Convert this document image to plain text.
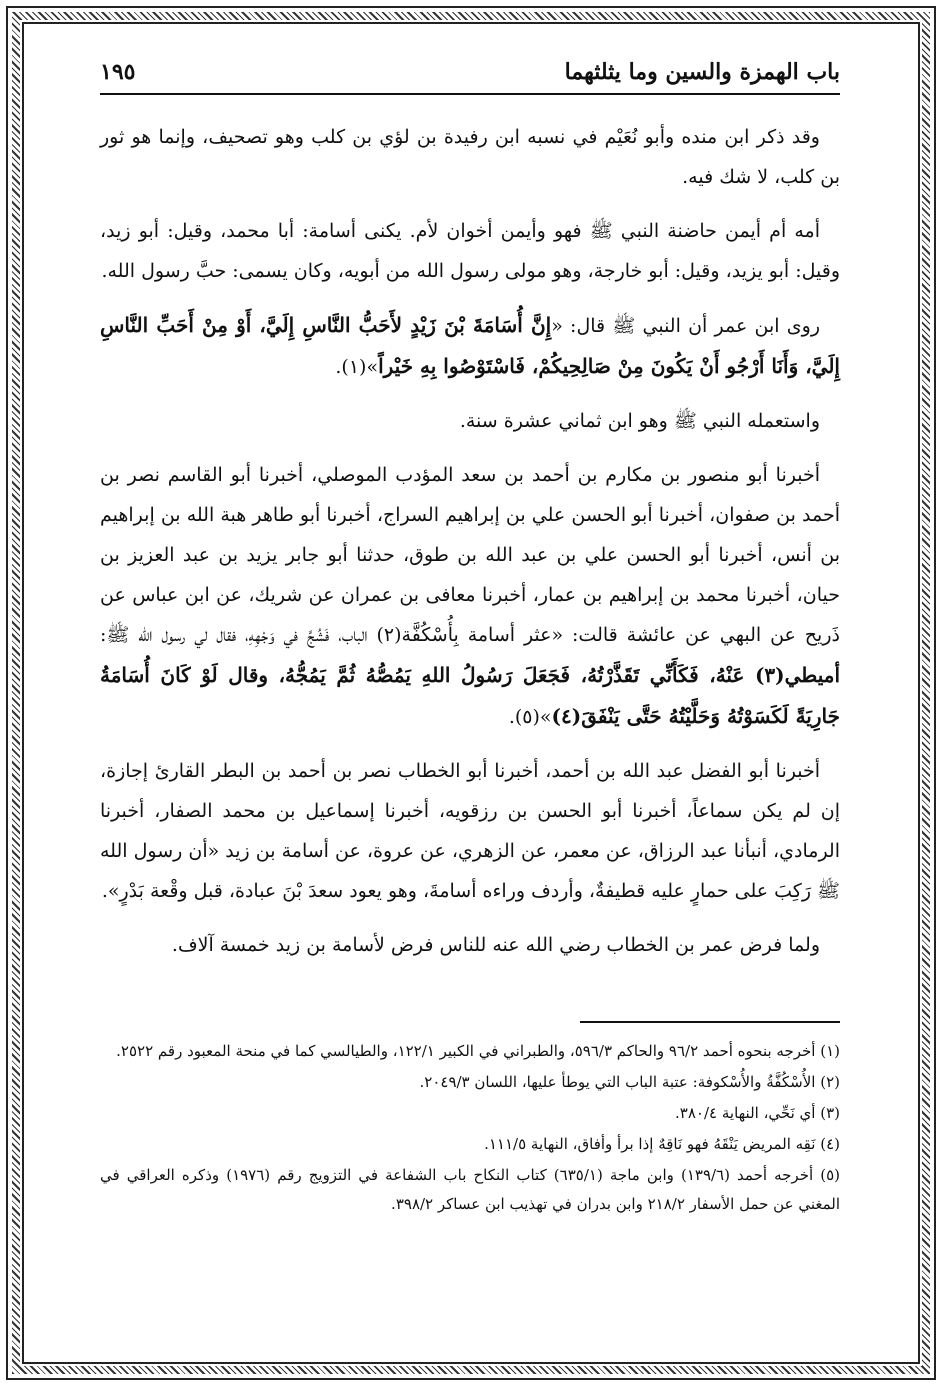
باب الهمزة والسين وما يثلثهما
١٩٥

وقد ذكر ابن منده وأبو نُعَيْم في نسبه ابن رفيدة بن لؤي بن كلب وهو تصحيف، وإنما هو ثور بن كلب، لا شك فيه.

أمه أم أيمن حاضنة النبي ﷺ فهو وأيمن أخوان لأم. يكنى أسامة: أبا محمد، وقيل: أبو زيد، وقيل: أبو يزيد، وقيل: أبو خارجة، وهو مولى رسول الله من أبويه، وكان يسمى: حبَّ رسول الله.

روى ابن عمر أن النبي ﷺ قال: «إِنَّ أُسَامَةَ بْنَ زَيْدٍ لأَحَبُّ النَّاسِ إِلَيَّ، أَوْ مِنْ أَحَبِّ النَّاسِ إِلَيَّ، وَأَنَا أَرْجُو أَنْ يَكُونَ مِنْ صَالِحِيكُمْ، فَاسْتَوْصُوا بِهِ خَيْراً»(١).

واستعمله النبي ﷺ وهو ابن ثماني عشرة سنة.

أخبرنا أبو منصور بن مكارم بن أحمد بن سعد المؤدب الموصلي، أخبرنا أبو القاسم نصر بن أحمد بن صفوان، أخبرنا أبو الحسن علي بن إبراهيم السراج، أخبرنا أبو طاهر هبة الله بن إبراهيم بن أنس، أخبرنا أبو الحسن علي بن عبد الله بن طوق، حدثنا أبو جابر يزيد بن عبد العزيز بن حيان، أخبرنا محمد بن إبراهيم بن عمار، أخبرنا معافى بن عمران عن شريك، عن ابن عباس عن ذَريح عن البهي عن عائشة قالت: «عثر أسامة بِأُسْكُفَّة(٢) الباب، فَشُجَّ في وَجْهِهِ، فقال لي رسول الله ﷺ: أميطي(٣) عَنْهُ، فَكَأَنِّي تَقَذَّرْتُهُ، فَجَعَلَ رَسُولُ اللهِ يَمُصُّهُ ثُمَّ يَمُجُّهُ، وقال لَوْ كَانَ أُسَامَةُ جَارِيَةً لَكَسَوْتُهُ وَحَلَّيْتُهُ حَتَّى يَنْفَقَ(٤)»(٥).

أخبرنا أبو الفضل عبد الله بن أحمد، أخبرنا أبو الخطاب نصر بن أحمد بن البطر القارئ إجازة، إن لم يكن سماعاً، أخبرنا أبو الحسن بن رزقويه، أخبرنا إسماعيل بن محمد الصفار، أخبرنا الرمادي، أنبأنا عبد الرزاق، عن معمر، عن الزهري، عن عروة، عن أسامة بن زيد «أن رسول الله ﷺ رَكِبَ على حمارٍ عليه قطيفةٌ، وأردف وراءه أسامةَ، وهو يعود سعدَ بْنَ عبادة، قبل وقْعة بَدْرٍ».

ولما فرض عمر بن الخطاب رضي الله عنه للناس فرض لأسامة بن زيد خمسة آلاف.

(١) أخرجه بنحوه أحمد ٩٦/٢ والحاكم ٥٩٦/٣، والطبراني في الكبير ١٢٢/١، والطيالسي كما في منحة المعبود رقم ٢٥٢٢.

(٢) الأُسْكُفَّةُ والأُسْكوفة: عتبة الباب التي يوطأ عليها، اللسان ٢٠٤٩/٣.

(٣) أي نَحِّي، النهاية ٣٨٠/٤.

(٤) نَقِه المريض يَنْقَهُ فهو نَاقِهٌ إذا برأ وأفاق، النهاية ١١١/٥.

(٥) أخرجه أحمد (١٣٩/٦) وابن ماجة (٦٣٥/١) كتاب النكاح باب الشفاعة في التزويج رقم (١٩٧٦) وذكره العراقي في المغني عن حمل الأسفار ٢١٨/٢ وابن بدران في تهذيب ابن عساكر ٣٩٨/٢.
